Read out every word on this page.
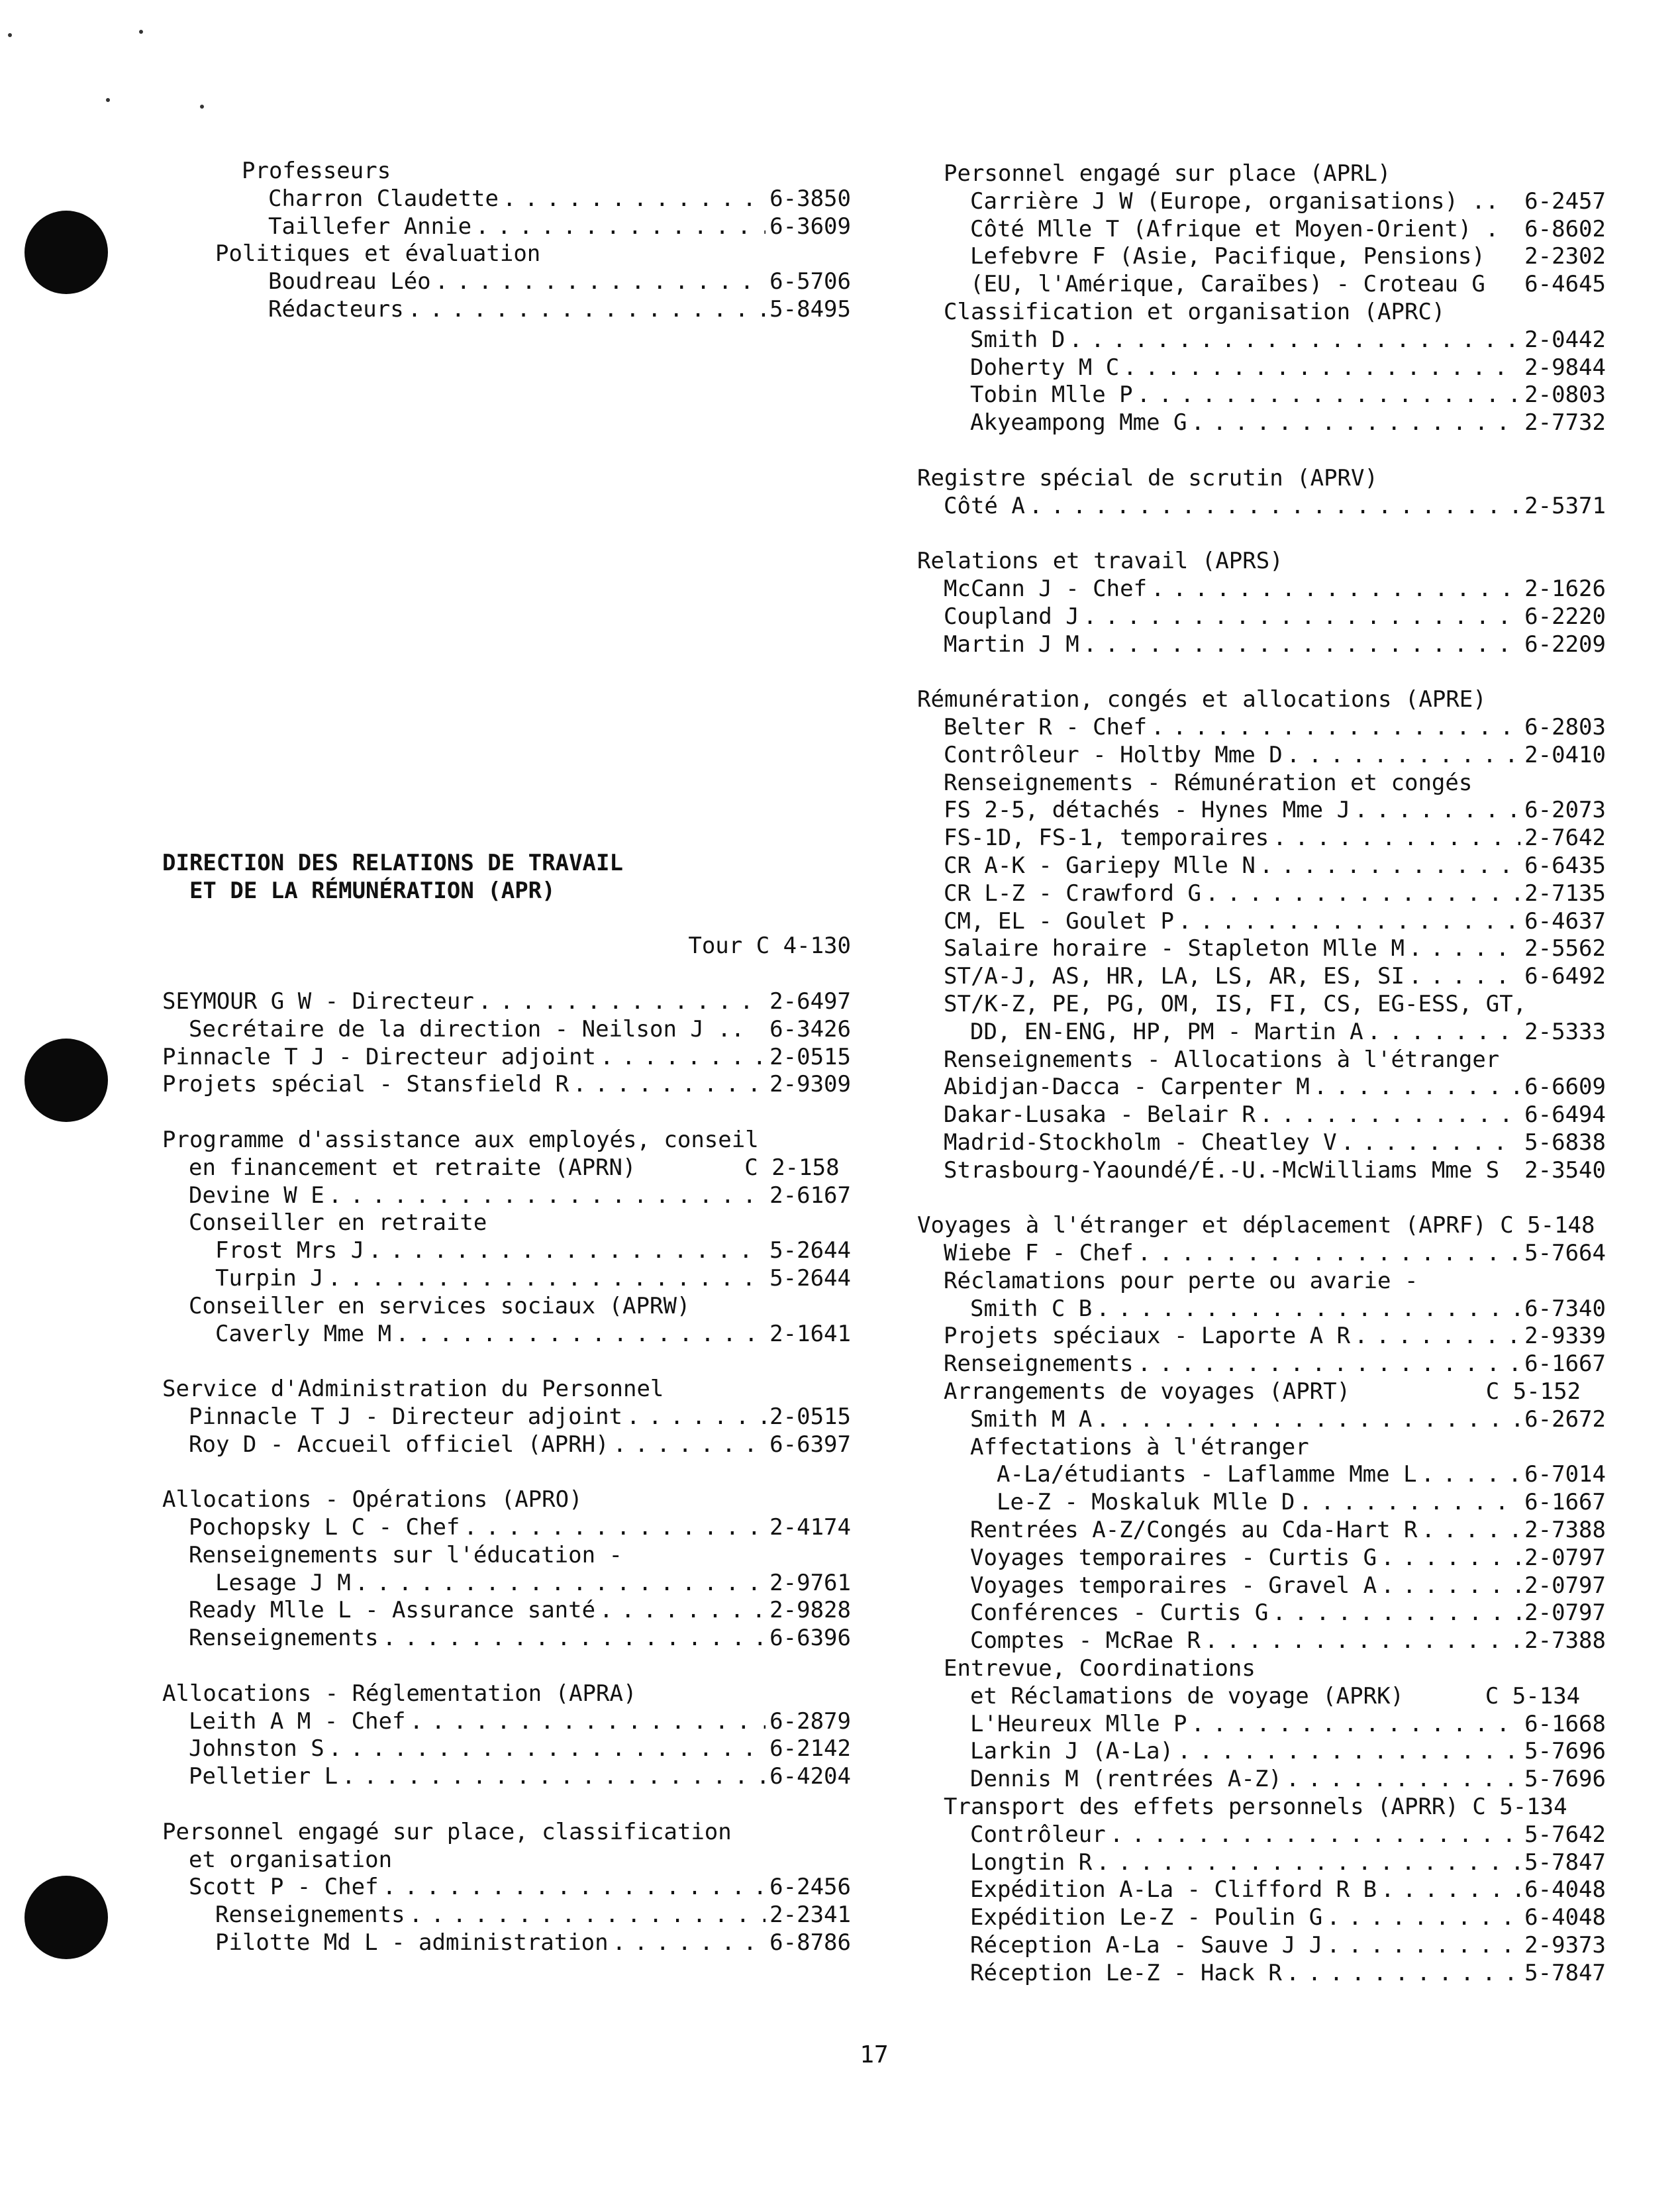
Professeurs
Charron Claudette . . .	6-3850
Taillefer Annie . . .	6-3609
Politiques et évaluation
Boudreau Léo . . .	6-5706
Rédacteurs . . .	5-8495
DIRECTION DES RELATIONS DE TRAVAIL
ET DE LA RÉMUNÉRATION (APR)
Tour C 4-130
SEYMOUR G W - Directeur . . .	2-6497
Secrétaire de la direction - Neilson J .. 6-3426
Pinnacle T J - Directeur adjoint . . .	2-0515
Projets spécial - Stansfield R . . .	2-9309
Programme d'assistance aux employés, conseil
en financement et retraite (APRN)        C 2-158
Devine W E . . .	2-6167
Conseiller en retraite
Frost Mrs J . . .	5-2644
Turpin J . . .	5-2644
Conseiller en services sociaux (APRW)
Caverly Mme M . . .	2-1641
Service d'Administration du Personnel
Pinnacle T J - Directeur adjoint . . .	2-0515
Roy D - Accueil officiel (APRH) . . .	6-6397
Allocations - Opérations (APRO)
Pochopsky L C - Chef . . .	2-4174
Renseignements sur l'éducation -
Lesage J M . . .	2-9761
Ready Mlle L - Assurance santé . . .	2-9828
Renseignements . . .	6-6396
Allocations - Réglementation (APRA)
Leith A M - Chef . . .	6-2879
Johnston S . . .	6-2142
Pelletier L . . .	6-4204
Personnel engagé sur place, classification
et organisation
Scott P - Chef . . .	6-2456
Renseignements . . .	2-2341
Pilotte Md L - administration . . .	6-8786
Personnel engagé sur place (APRL)
Carrière J W (Europe, organisations) .. 6-2457
Côté Mlle T (Afrique et Moyen-Orient) . 6-8602
Lefebvre F (Asie, Pacifique, Pensions) 2-2302
(EU, l'Amérique, Caraïbes) - Croteau G 6-4645
Classification et organisation (APRC)
Smith D . . .	2-0442
Doherty M C . . .	2-9844
Tobin Mlle P . . .	2-0803
Akyeampong Mme G . . .	2-7732
Registre spécial de scrutin (APRV)
Côté A . . .	2-5371
Relations et travail (APRS)
McCann J - Chef . . .	2-1626
Coupland J . . .	6-2220
Martin J M . . .	6-2209
Rémunération, congés et allocations (APRE)
Belter R - Chef . . .	6-2803
Contrôleur - Holtby Mme D . . .	2-0410
Renseignements - Rémunération et congés
FS 2-5, détachés - Hynes Mme J . . .	6-2073
FS-1D, FS-1, temporaires . . .	2-7642
CR A-K - Gariepy Mlle N . . .	6-6435
CR L-Z - Crawford G . . .	2-7135
CM, EL - Goulet P . . .	6-4637
Salaire horaire - Stapleton Mlle M . . .	2-5562
ST/A-J, AS, HR, LA, LS, AR, ES, SI . . .	6-6492
ST/K-Z, PE, PG, OM, IS, FI, CS, EG-ESS, GT,
DD, EN-ENG, HP, PM - Martin A . . .	2-5333
Renseignements - Allocations à l'étranger
Abidjan-Dacca - Carpenter M . . .	6-6609
Dakar-Lusaka - Belair R . . .	6-6494
Madrid-Stockholm - Cheatley V . . .	5-6838
Strasbourg-Yaoundé/É.-U.-McWilliams Mme S 2-3540
Voyages à l'étranger et déplacement (APRF) C 5-148
Wiebe F - Chef . . .	5-7664
Réclamations pour perte ou avarie -
Smith C B . . .	6-7340
Projets spéciaux - Laporte A R . . .	2-9339
Renseignements . . .	6-1667
Arrangements de voyages (APRT)          C 5-152
Smith M A . . .	6-2672
Affectations à l'étranger
A-La/étudiants - Laflamme Mme L . . .	6-7014
Le-Z - Moskaluk Mlle D . . .	6-1667
Rentrées A-Z/Congés au Cda-Hart R . . .	2-7388
Voyages temporaires - Curtis G . . .	2-0797
Voyages temporaires - Gravel A . . .	2-0797
Conférences - Curtis G . . .	2-0797
Comptes - McRae R . . .	2-7388
Entrevue, Coordinations
et Réclamations de voyage (APRK)      C 5-134
L'Heureux Mlle P . . .	6-1668
Larkin J (A-La) . . .	5-7696
Dennis M (rentrées A-Z) . . .	5-7696
Transport des effets personnels (APRR) C 5-134
Contrôleur . . .	5-7642
Longtin R . . .	5-7847
Expédition A-La - Clifford R B . . .	6-4048
Expédition Le-Z - Poulin G . . .	6-4048
Réception A-La - Sauve J J . . .	2-9373
Réception Le-Z - Hack R . . .	5-7847
17
